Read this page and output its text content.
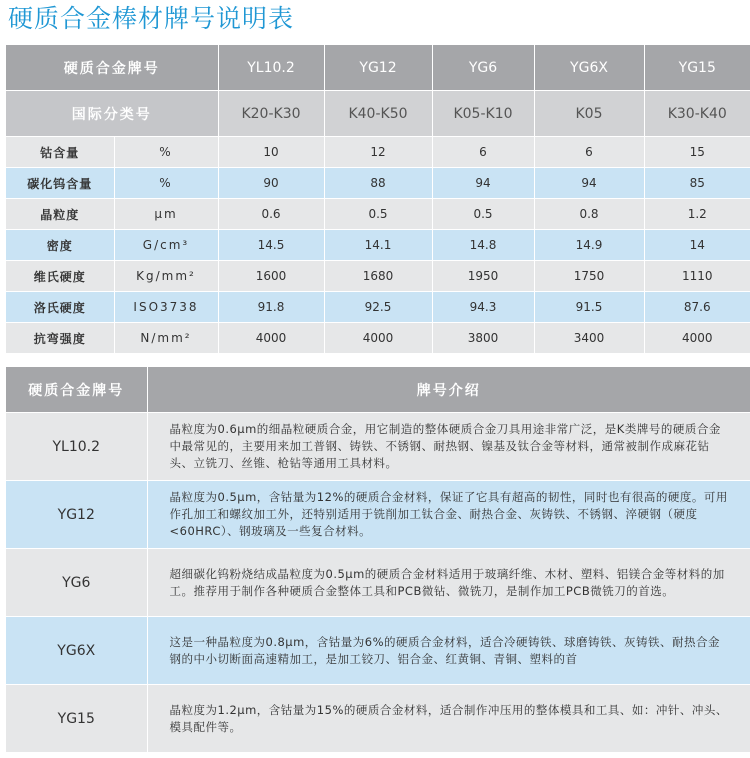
硬质合金棒材牌号说明表
硬质合金牌号		YL10.2	YG12	YG6	YG6X	YG15
国际分类号		K20-K30	K40-K50	K05-K10	K05	K30-K40
钴含量	%	10	12	6	6	15
碳化钨含量	%	90	88	94	94	85
晶粒度	μm	0.6	0.5	0.5	0.8	1.2
密度	G/cm³	14.5	14.1	14.8	14.9	14
维氏硬度	Kg/mm²	1600	1680	1950	1750	1110
洛氏硬度	ISO3738	91.8	92.5	94.3	91.5	87.6
抗弯强度	N/mm²	4000	4000	3800	3400	4000
硬质合金牌号	牌号介绍
YL10.2	晶粒度为0.6μm的细晶粒硬质合金，用它制造的整体硬质合金刀具用途非常广泛，是K类牌号的硬质合金中最常见的，主要用来加工普钢、铸铁、不锈钢、耐热钢、镍基及钛合金等材料，通常被制作成麻花钻头、立铣刀、丝锥、枪钻等通用工具材料。
YG12	晶粒度为0.5μm，含钴量为12%的硬质合金材料，保证了它具有超高的韧性，同时也有很高的硬度。可用作孔加工和螺纹加工外，还特别适用于铣削加工钛合金、耐热合金、灰铸铁、不锈钢、淬硬钢（硬度<60HRC）、钢玻璃及一些复合材料。
YG6	超细碳化钨粉烧结成晶粒度为0.5μm的硬质合金材料适用于玻璃纤维、木材、塑料、铝镁合金等材料的加工。推荐用于制作各种硬质合金整体工具和PCB微钻、微铣刀，是制作加工PCB微铣刀的首选。
YG6X	这是一种晶粒度为0.8μm，含钴量为6%的硬质合金材料，适合冷硬铸铁、球磨铸铁、灰铸铁、耐热合金钢的中小切断面高速精加工，是加工铰刀、铝合金、红黄铜、青铜、塑料的首
YG15	晶粒度为1.2μm，含钴量为15%的硬质合金材料，适合制作冲压用的整体模具和工具、如：冲针、冲头、模具配件等。
